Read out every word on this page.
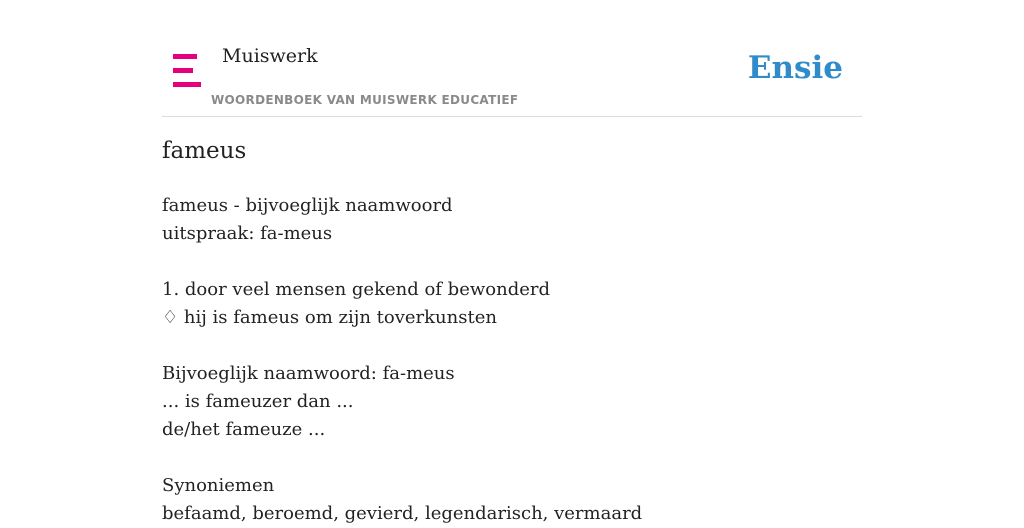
Muiswerk
WOORDENBOEK VAN MUISWERK EDUCATIEF
Ensie
fameus
fameus - bijvoeglijk naamwoord
uitspraak: fa-meus
1. door veel mensen gekend of bewonderd
♢ hij is fameus om zijn toverkunsten
Bijvoeglijk naamwoord: fa-meus
... is fameuzer dan ...
de/het fameuze ...
Synoniemen
befaamd, beroemd, gevierd, legendarisch, vermaard
